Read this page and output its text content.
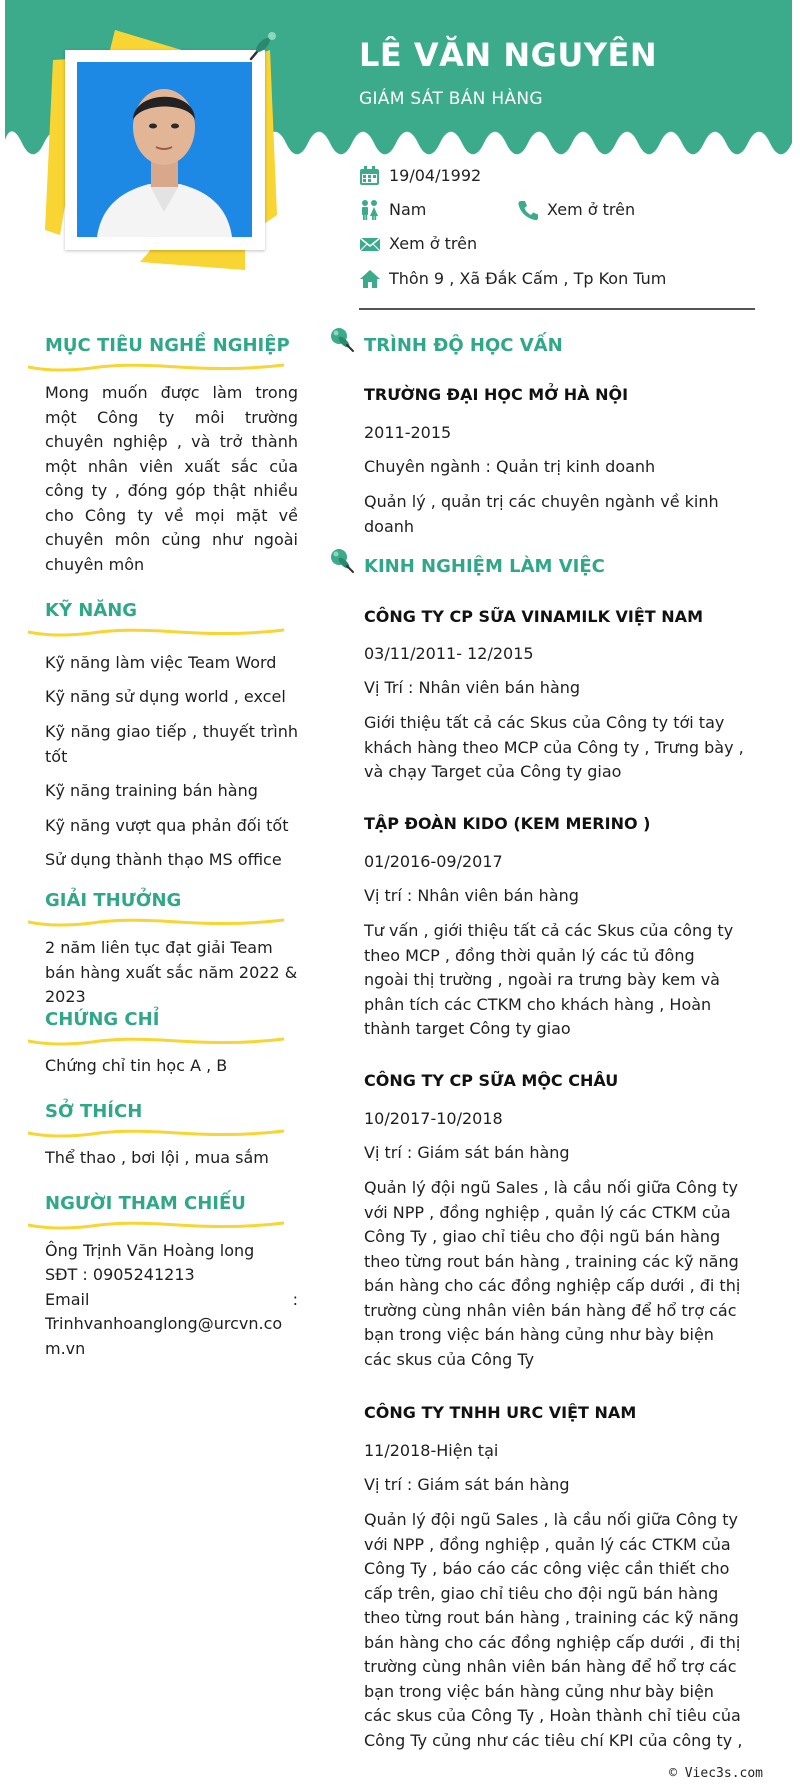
LÊ VĂN NGUYÊN
GIÁM SÁT BÁN HÀNG
19/04/1992
Nam	Xem ở trên
Xem ở trên
Thôn 9 , Xã Đắk Cấm , Tp Kon Tum
MỤC TIÊU NGHỀ NGHIỆP
Mong muốn được làm trong một Công ty môi trường chuyên nghiệp , và trở thành một nhân viên xuất sắc của công ty , đóng góp thật nhiều cho Công ty về mọi mặt về chuyên môn củng như ngoài chuyên môn
KỸ NĂNG
Kỹ năng làm việc Team Word
Kỹ năng sử dụng world , excel
Kỹ năng giao tiếp , thuyết trình tốt
Kỹ năng training bán hàng
Kỹ năng vượt qua phản đối tốt
Sử dụng thành thạo MS office
GIẢI THƯỞNG
2 năm liên tục đạt giải Team bán hàng xuất sắc năm 2022 & 2023
CHỨNG CHỈ
Chứng chỉ tin học A , B
SỞ THÍCH
Thể thao , bơi lội , mua sắm
NGƯỜI THAM CHIẾU
Ông Trịnh Văn Hoàng long
SĐT : 0905241213
Email	:
Trinhvanhoanglong@urcvn.com.vn
TRÌNH ĐỘ HỌC VẤN
TRƯỜNG ĐẠI HỌC MỞ HÀ NỘI
2011-2015
Chuyên ngành : Quản trị kinh doanh
Quản lý , quản trị các chuyên ngành về kinh doanh
KINH NGHIỆM LÀM VIỆC
CÔNG TY CP SỮA VINAMILK VIỆT NAM
03/11/2011- 12/2015
Vị Trí : Nhân viên bán hàng
Giới thiệu tất cả các Skus của Công ty tới tay khách hàng theo MCP của Công ty , Trưng bày , và chạy Target của Công ty giao
TẬP ĐOÀN KIDO (KEM MERINO )
01/2016-09/2017
Vị trí : Nhân viên bán hàng
Tư vấn , giới thiệu tất cả các Skus của công ty theo MCP , đồng thời quản lý các tủ đông ngoài thị trường , ngoài ra trưng bày kem và phân tích các CTKM cho khách hàng , Hoàn thành target Công ty giao
CÔNG TY CP SỮA MỘC CHÂU
10/2017-10/2018
Vị trí : Giám sát bán hàng
Quản lý đội ngũ Sales , là cầu nối giữa Công ty với NPP , đồng nghiệp , quản lý các CTKM của Công Ty , giao chỉ tiêu cho đội ngũ bán hàng theo từng rout bán hàng , training các kỹ năng bán hàng cho các đồng nghiệp cấp dưới , đi thị trường cùng nhân viên bán hàng để hổ trợ các bạn trong việc bán hàng củng như bày biện các skus của Công Ty
CÔNG TY TNHH URC VIỆT NAM
11/2018-Hiện tại
Vị trí : Giám sát bán hàng
Quản lý đội ngũ Sales , là cầu nối giữa Công ty với NPP , đồng nghiệp , quản lý các CTKM của Công Ty , báo cáo các công việc cần thiết cho cấp trên, giao chỉ tiêu cho đội ngũ bán hàng theo từng rout bán hàng , training các kỹ năng bán hàng cho các đồng nghiệp cấp dưới , đi thị trường cùng nhân viên bán hàng để hổ trợ các bạn trong việc bán hàng củng như bày biện các skus của Công Ty , Hoàn thành chỉ tiêu của Công Ty củng như các tiêu chí KPI của công ty ,
© Viec3s.com
